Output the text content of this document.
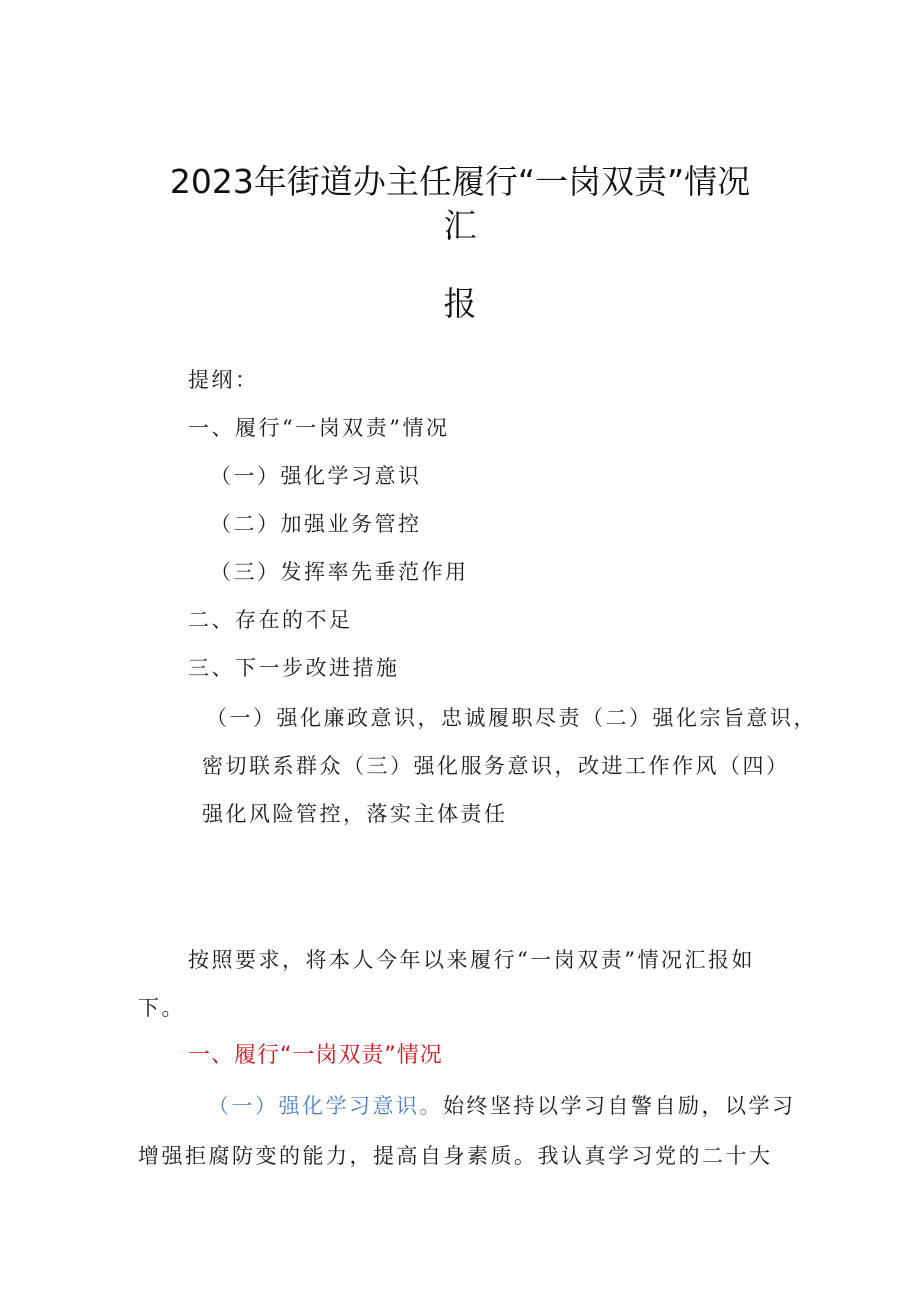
2023年街道办主任履行“一岗双责”情况
汇
报
提纲：
一、履行“一岗双责”情况
（一）强化学习意识
（二）加强业务管控
（三）发挥率先垂范作用
二、存在的不足
三、下一步改进措施
（一）强化廉政意识，忠诚履职尽责（二）强化宗旨意识，
密切联系群众（三）强化服务意识，改进工作作风（四）
强化风险管控，落实主体责任
按照要求，将本人今年以来履行“一岗双责”情况汇报如
下。
一、履行“一岗双责”情况
（一）强化学习意识。始终坚持以学习自警自励，以学习
增强拒腐防变的能力，提高自身素质。我认真学习党的二十大
